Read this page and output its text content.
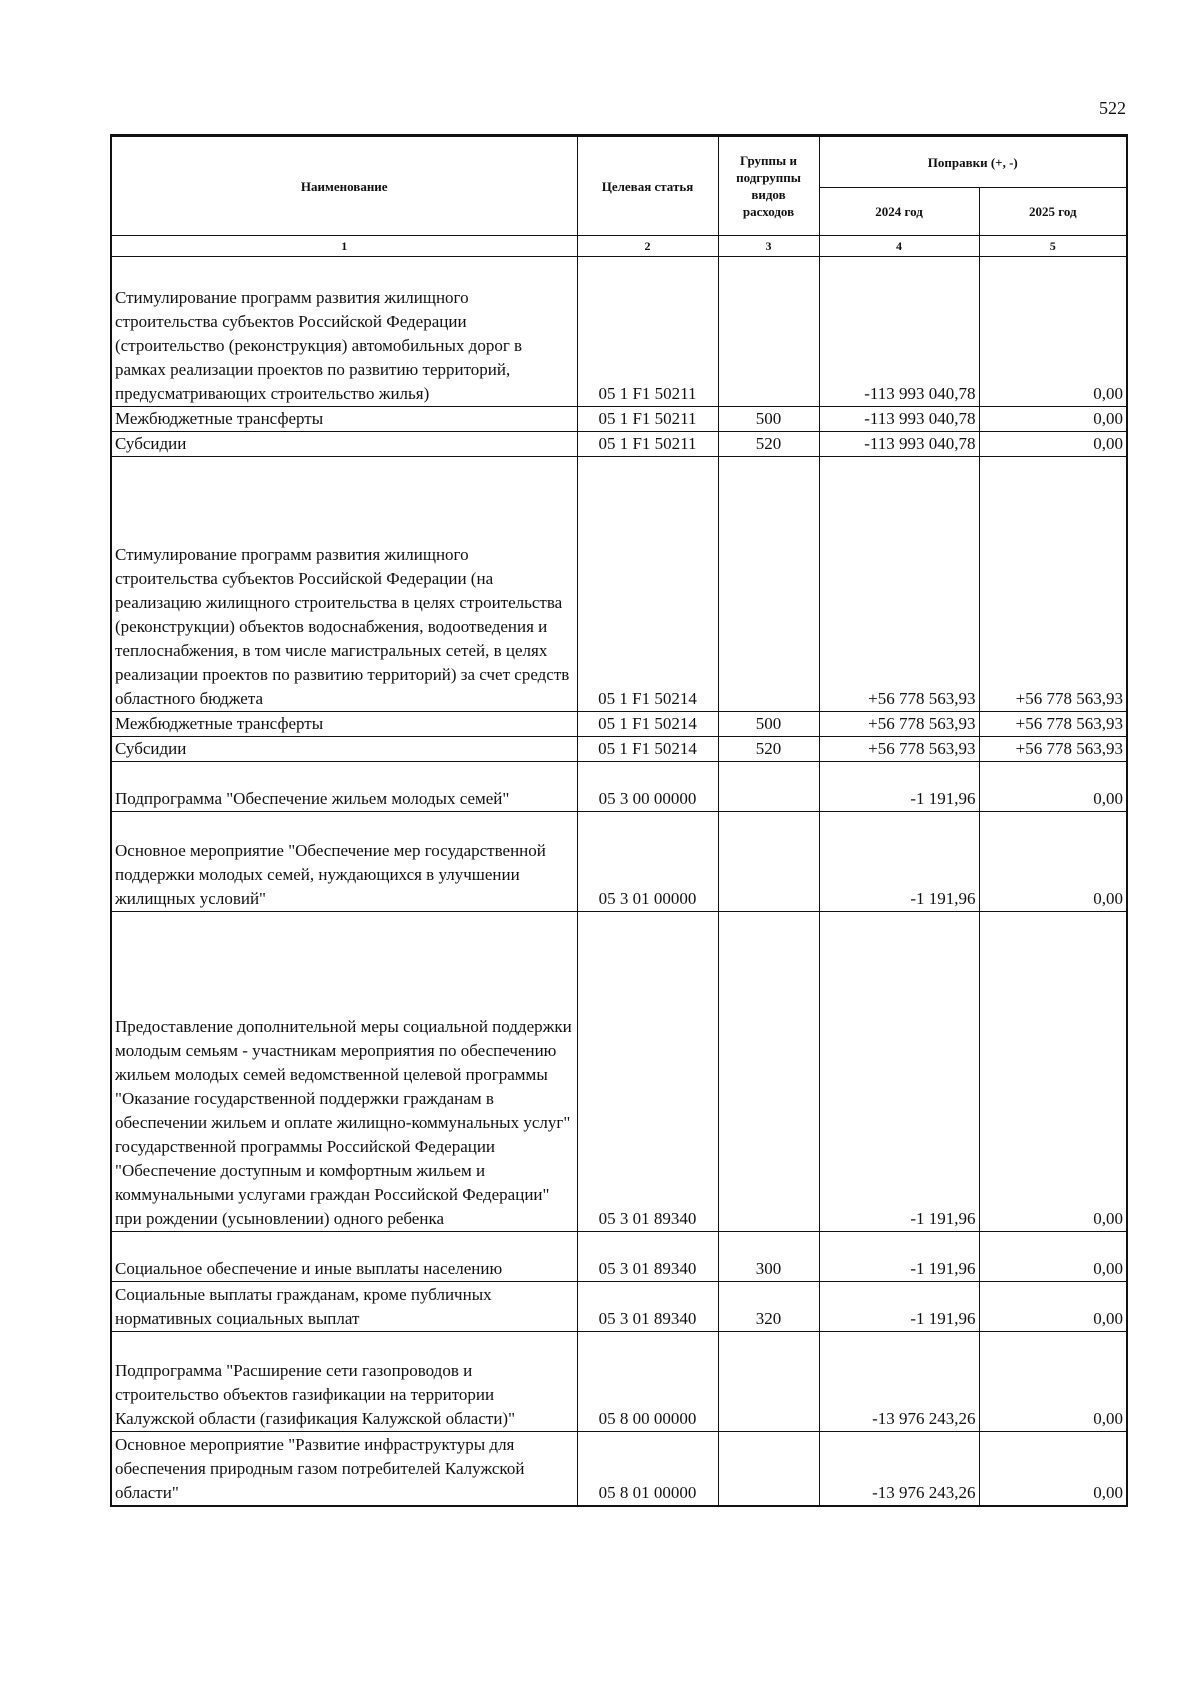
522
Наименование	Целевая статья	Группы и подгруппы видов расходов	Поправки (+, -)	
			2024 год	2025 год
1	2	3	4	5
Стимулирование программ развития жилищного строительства субъектов Российской Федерации (строительство (реконструкция) автомобильных дорог в рамках реализации проектов по развитию территорий, предусматривающих строительство жилья)	05 1 F1 50211		-113 993 040,78	0,00
Межбюджетные трансферты	05 1 F1 50211	500	-113 993 040,78	0,00
Субсидии	05 1 F1 50211	520	-113 993 040,78	0,00
Стимулирование программ развития жилищного строительства субъектов Российской Федерации (на реализацию жилищного строительства в целях строительства (реконструкции) объектов водоснабжения, водоотведения и теплоснабжения, в том числе магистральных сетей, в целях реализации проектов по развитию территорий) за счет средств областного бюджета	05 1 F1 50214		+56 778 563,93	+56 778 563,93
Межбюджетные трансферты	05 1 F1 50214	500	+56 778 563,93	+56 778 563,93
Субсидии	05 1 F1 50214	520	+56 778 563,93	+56 778 563,93
Подпрограмма "Обеспечение жильем молодых семей"	05 3 00 00000		-1 191,96	0,00
Основное мероприятие "Обеспечение мер государственной поддержки молодых семей, нуждающихся в улучшении жилищных условий"	05 3 01 00000		-1 191,96	0,00
Предоставление дополнительной меры социальной поддержки молодым семьям - участникам мероприятия по обеспечению жильем молодых семей ведомственной целевой программы "Оказание государственной поддержки гражданам в обеспечении жильем и оплате жилищно-коммунальных услуг" государственной программы Российской Федерации "Обеспечение доступным и комфортным жильем и коммунальными услугами граждан Российской Федерации" при рождении (усыновлении) одного ребенка	05 3 01 89340		-1 191,96	0,00
Социальное обеспечение и иные выплаты населению	05 3 01 89340	300	-1 191,96	0,00
Социальные выплаты гражданам, кроме публичных нормативных социальных выплат	05 3 01 89340	320	-1 191,96	0,00
Подпрограмма "Расширение сети газопроводов и строительство объектов газификации на территории Калужской области (газификация Калужской области)"	05 8 00 00000		-13 976 243,26	0,00
Основное мероприятие "Развитие инфраструктуры для обеспечения природным газом потребителей Калужской области"	05 8 01 00000		-13 976 243,26	0,00
